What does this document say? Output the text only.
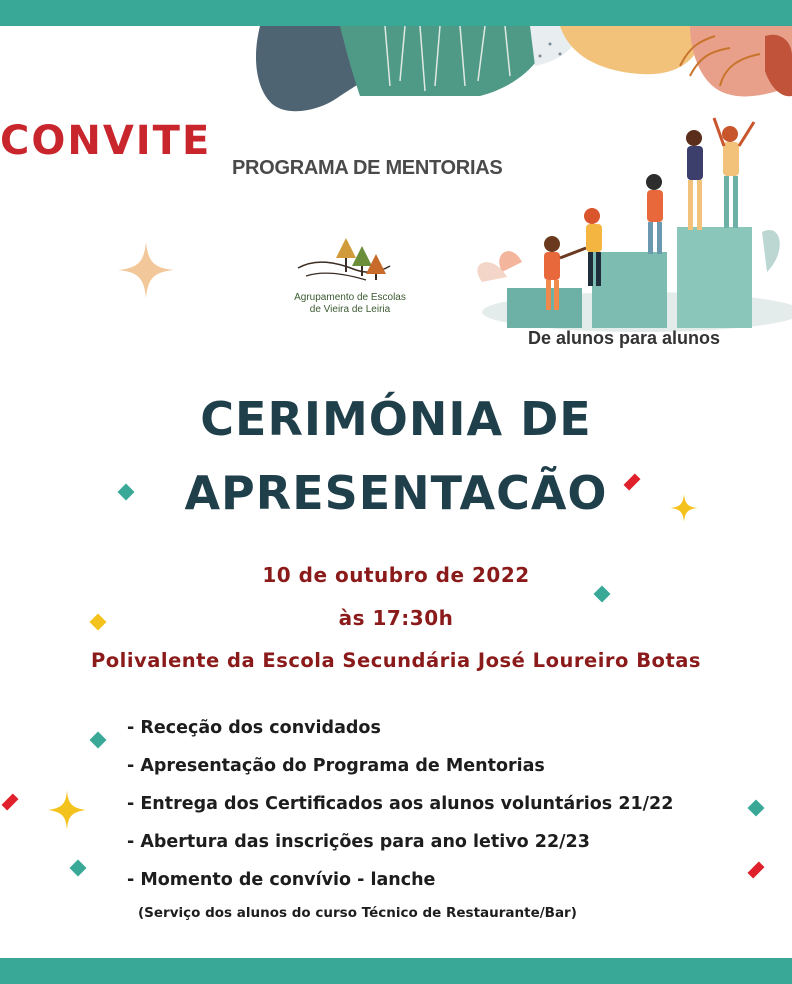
CONVITE
PROGRAMA DE MENTORIAS
Agrupamento de Escolas
de Vieira de Leiria
De alunos para alunos
CERIMÓNIA DE
APRESENTACÃO
10 de outubro de 2022
às 17:30h
Polivalente da Escola Secundária José Loureiro Botas
- Receção dos convidados
- Apresentação do Programa de Mentorias
- Entrega dos Certificados aos alunos voluntários 21/22
- Abertura das inscrições para ano letivo 22/23
- Momento de convívio - lanche
(Serviço dos alunos do curso Técnico de Restaurante/Bar)
